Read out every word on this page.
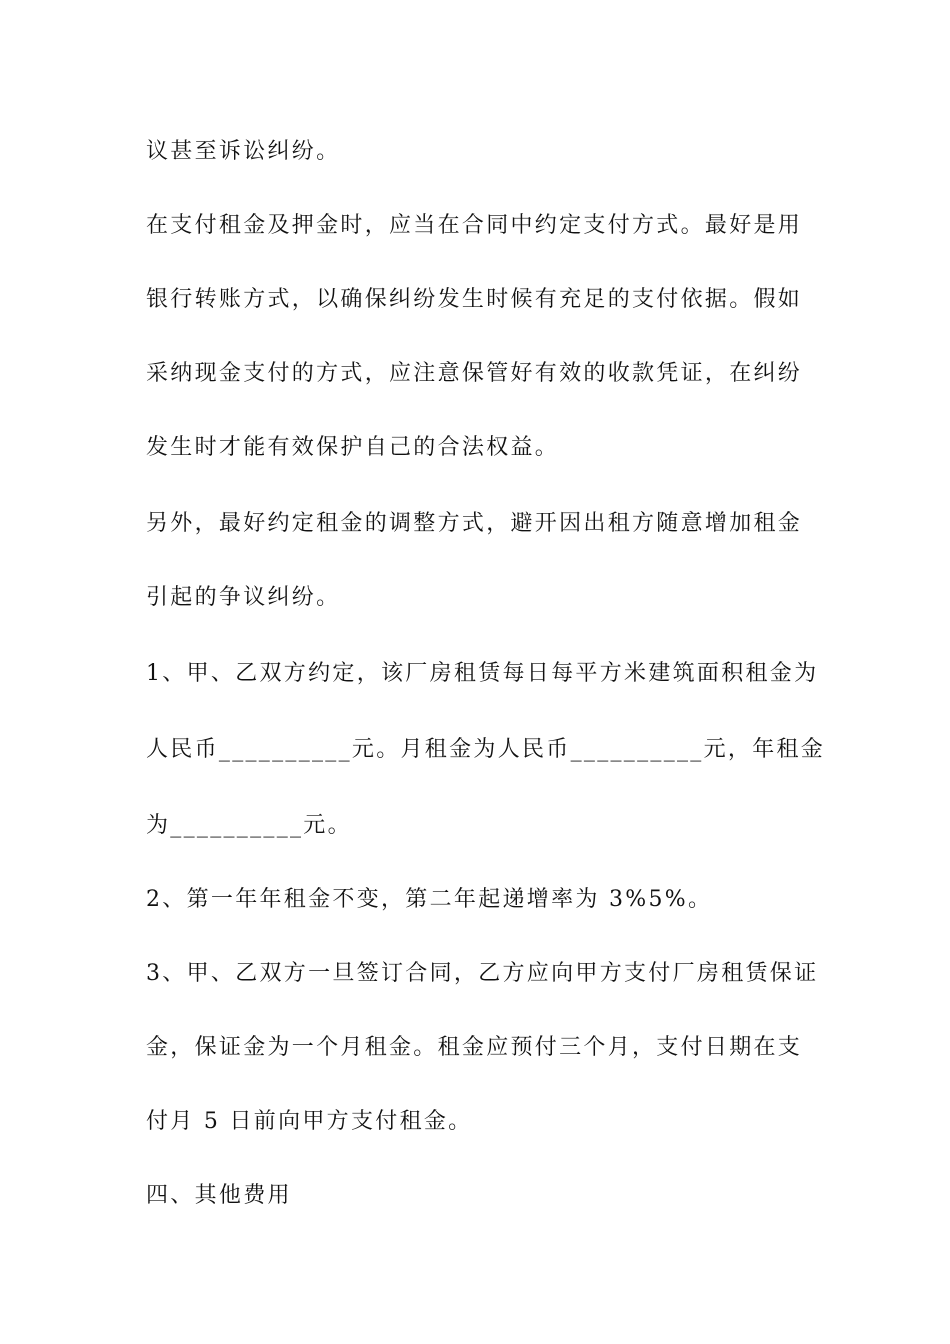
议甚至诉讼纠纷。
在支付租金及押金时，应当在合同中约定支付方式。最好是用
银行转账方式，以确保纠纷发生时候有充足的支付依据。假如
采纳现金支付的方式，应注意保管好有效的收款凭证，在纠纷
发生时才能有效保护自己的合法权益。
另外，最好约定租金的调整方式，避开因出租方随意增加租金
引起的争议纠纷。
1、甲、乙双方约定，该厂房租赁每日每平方米建筑面积租金为
人民币__________元。月租金为人民币__________元，年租金
为__________元。
2、第一年年租金不变，第二年起递增率为 3%5%。
3、甲、乙双方一旦签订合同，乙方应向甲方支付厂房租赁保证
金，保证金为一个月租金。租金应预付三个月，支付日期在支
付月 5 日前向甲方支付租金。
四、其他费用
